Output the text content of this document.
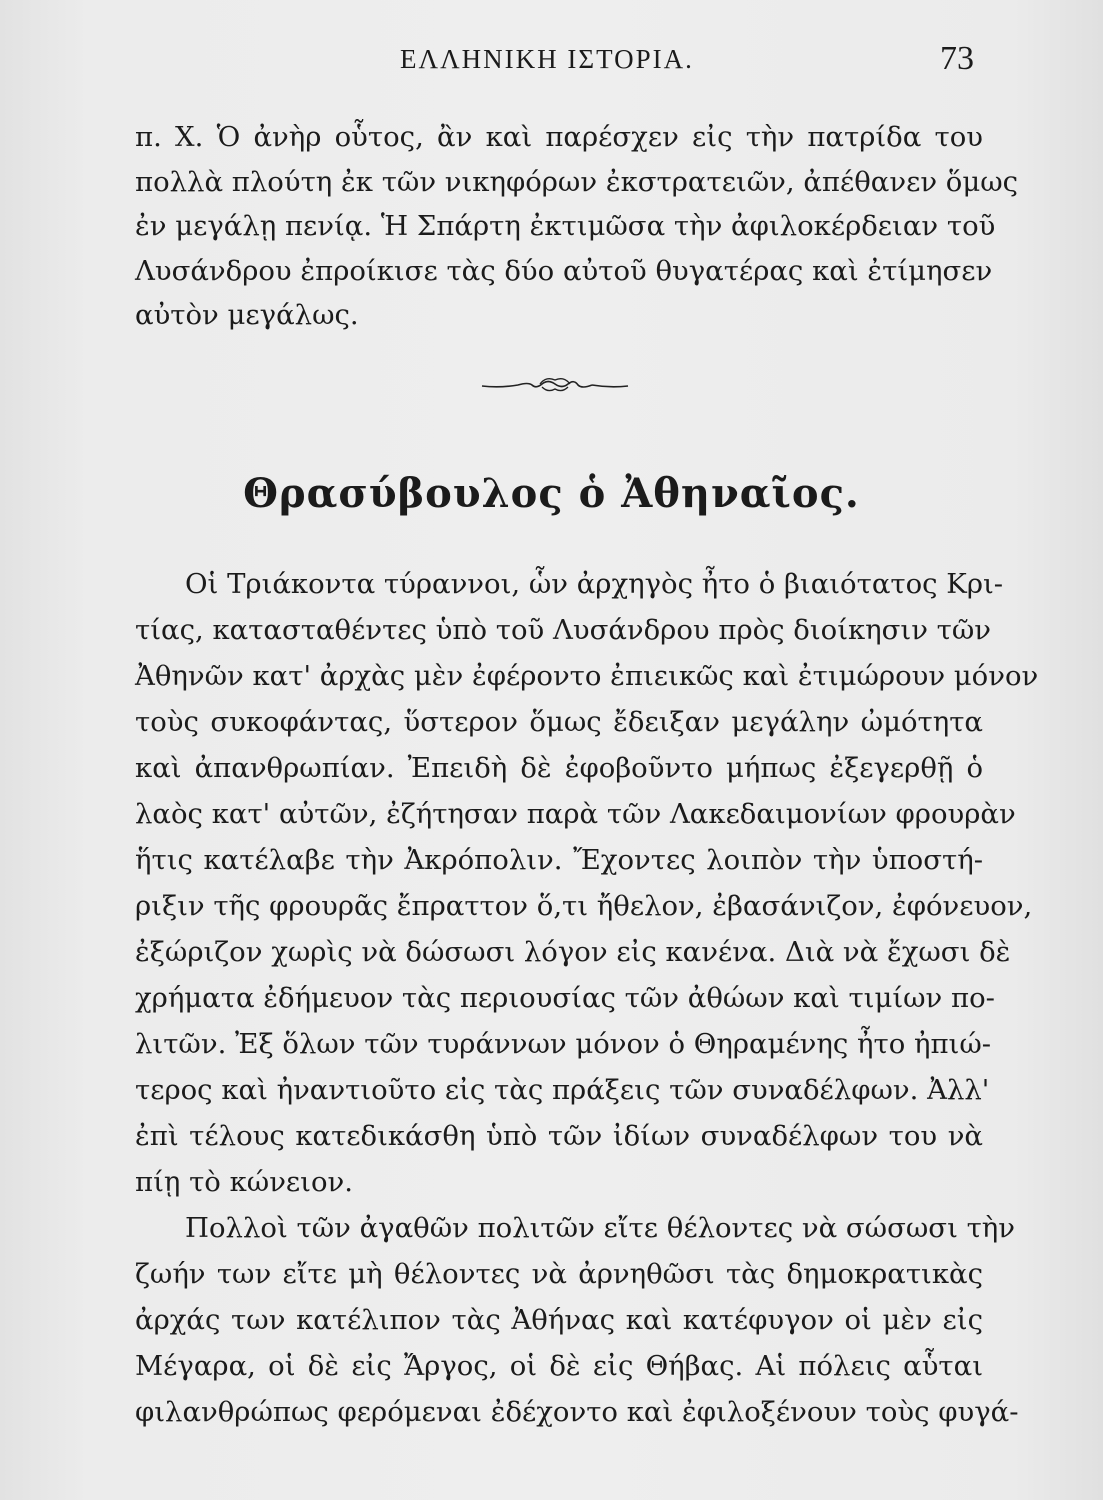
ΕΛΛΗΝΙΚΗ ΙΣΤΟΡΙΑ.	73
π. Χ. Ὁ ἀνὴρ οὗτος, ἂν καὶ παρέσχεν εἰς τὴν πατρίδα του
πολλὰ πλούτη ἐκ τῶν νικηφόρων ἐκστρατειῶν, ἀπέθανεν ὅμως
ἐν μεγάλῃ πενίᾳ. Ἡ Σπάρτη ἐκτιμῶσα τὴν ἀφιλοκέρδειαν τοῦ
Λυσάνδρου ἐπροίκισε τὰς δύο αὐτοῦ θυγατέρας καὶ ἐτίμησεν
αὐτὸν μεγάλως.
Θρασύβουλος ὁ Ἀθηναῖος.
Οἱ Τριάκοντα τύραννοι, ὧν ἀρχηγὸς ἦτο ὁ βιαιότατος Κρι-
τίας, κατασταθέντες ὑπὸ τοῦ Λυσάνδρου πρὸς διοίκησιν τῶν
Ἀθηνῶν κατ' ἀρχὰς μὲν ἐφέροντο ἐπιεικῶς καὶ ἐτιμώρουν μόνον
τοὺς συκοφάντας, ὕστερον ὅμως ἔδειξαν μεγάλην ὠμότητα
καὶ ἀπανθρωπίαν. Ἐπειδὴ δὲ ἐφοβοῦντο μήπως ἐξεγερθῇ ὁ
λαὸς κατ' αὐτῶν, ἐζήτησαν παρὰ τῶν Λακεδαιμονίων φρουρὰν
ἥτις κατέλαβε τὴν Ἀκρόπολιν. Ἔχοντες λοιπὸν τὴν ὑποστή-
ριξιν τῆς φρουρᾶς ἔπραττον ὅ,τι ἤθελον, ἐβασάνιζον, ἐφόνευον,
ἐξώριζον χωρὶς νὰ δώσωσι λόγον εἰς κανένα. Διὰ νὰ ἔχωσι δὲ
χρήματα ἐδήμευον τὰς περιουσίας τῶν ἀθώων καὶ τιμίων πο-
λιτῶν. Ἐξ ὅλων τῶν τυράννων μόνον ὁ Θηραμένης ἦτο ἠπιώ-
τερος καὶ ἠναντιοῦτο εἰς τὰς πράξεις τῶν συναδέλφων. Ἀλλ'
ἐπὶ τέλους κατεδικάσθη ὑπὸ τῶν ἰδίων συναδέλφων του νὰ
πίῃ τὸ κώνειον.
Πολλοὶ τῶν ἀγαθῶν πολιτῶν εἴτε θέλοντες νὰ σώσωσι τὴν
ζωήν των εἴτε μὴ θέλοντες νὰ ἀρνηθῶσι τὰς δημοκρατικὰς
ἀρχάς των κατέλιπον τὰς Ἀθήνας καὶ κατέφυγον οἱ μὲν εἰς
Μέγαρα, οἱ δὲ εἰς Ἄργος, οἱ δὲ εἰς Θήβας. Αἱ πόλεις αὗται
φιλανθρώπως φερόμεναι ἐδέχοντο καὶ ἐφιλοξένουν τοὺς φυγά-
